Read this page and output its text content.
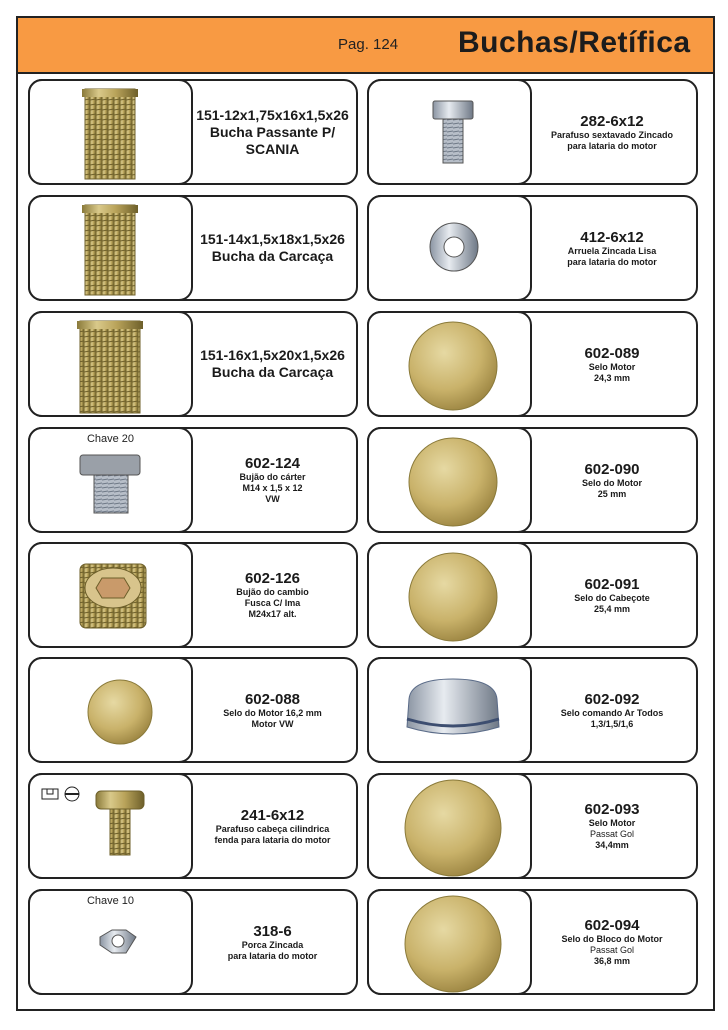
Pag. 124 Buchas/Retífica
151-12x1,75x16x1,5x26
Bucha Passante P/
SCANIA
151-14x1,5x18x1,5x26
Bucha da Carcaça
151-16x1,5x20x1,5x26
Bucha da Carcaça
Chave 20
602-124
Bujão do cárter
M14 x 1,5 x 12
VW
602-126
Bujão do cambio
Fusca C/ Ima
M24x17 alt.
602-088
Selo do Motor 16,2 mm
Motor VW
241-6x12
Parafuso cabeça cilindrica
fenda para lataria do motor
Chave 10
318-6
Porca Zincada
para lataria do motor
282-6x12
Parafuso sextavado Zincado
para lataria do motor
412-6x12
Arruela Zincada Lisa
para lataria do motor
602-089
Selo Motor
24,3 mm
602-090
Selo do Motor
25 mm
602-091
Selo do Cabeçote
25,4 mm
602-092
Selo comando Ar Todos
1,3/1,5/1,6
602-093
Selo Motor
Passat Gol
34,4mm
602-094
Selo do Bloco do Motor
Passat Gol
36,8 mm
